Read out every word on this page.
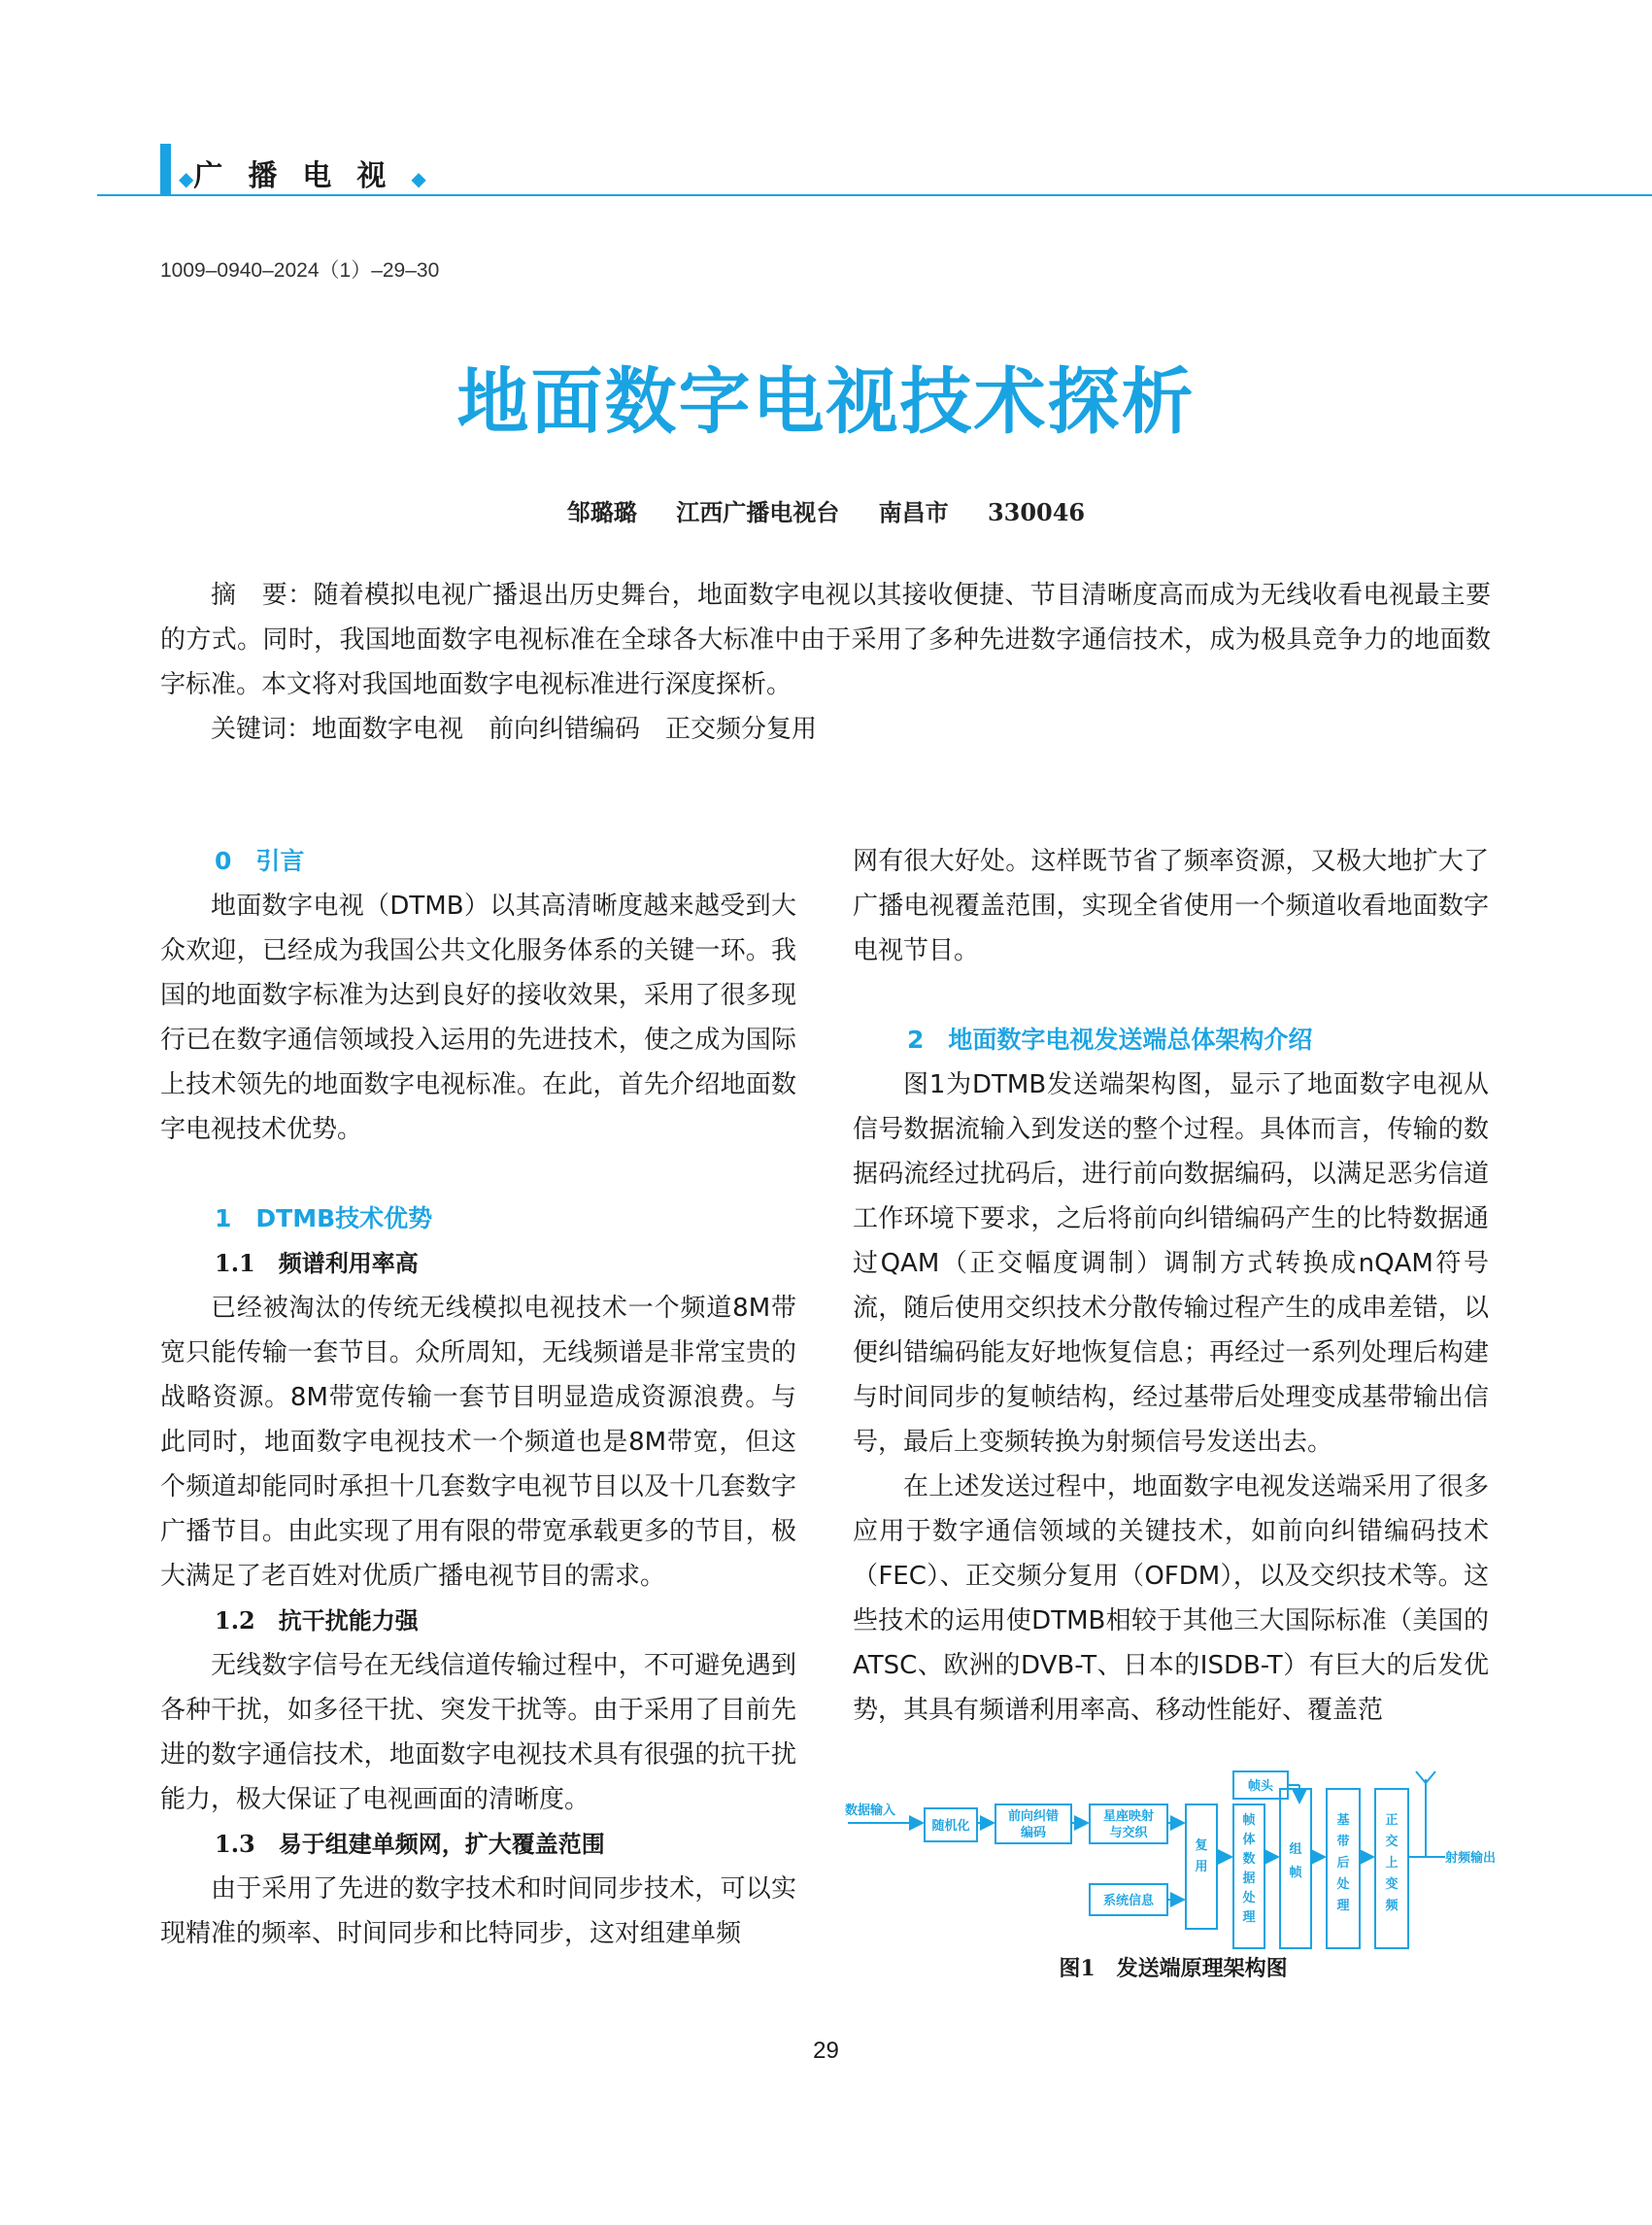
◆广播电视◆
1009–0940–2024（1）–29–30
地面数字电视技术探析
邹璐璐 江西广播电视台 南昌市 330046

摘　要：随着模拟电视广播退出历史舞台，地面数字电视以其接收便捷、节目清晰度高而成为无线收看电视最主要的方式。同时，我国地面数字电视标准在全球各大标准中由于采用了多种先进数字通信技术，成为极具竞争力的地面数字标准。本文将对我国地面数字电视标准进行深度探析。

关键词：地面数字电视　前向纠错编码　正交频分复用

0　引言

地面数字电视（DTMB）以其高清晰度越来越受到大众欢迎，已经成为我国公共文化服务体系的关键一环。我国的地面数字标准为达到良好的接收效果，采用了很多现行已在数字通信领域投入运用的先进技术，使之成为国际上技术领先的地面数字电视标准。在此，首先介绍地面数字电视技术优势。

1　DTMB技术优势
1.1　频谱利用率高

已经被淘汰的传统无线模拟电视技术一个频道8M带宽只能传输一套节目。众所周知，无线频谱是非常宝贵的战略资源。8M带宽传输一套节目明显造成资源浪费。与此同时，地面数字电视技术一个频道也是8M带宽，但这个频道却能同时承担十几套数字电视节目以及十几套数字广播节目。由此实现了用有限的带宽承载更多的节目，极大满足了老百姓对优质广播电视节目的需求。

1.2　抗干扰能力强

无线数字信号在无线信道传输过程中，不可避免遇到各种干扰，如多径干扰、突发干扰等。由于采用了目前先进的数字通信技术，地面数字电视技术具有很强的抗干扰能力，极大保证了电视画面的清晰度。

1.3　易于组建单频网，扩大覆盖范围

由于采用了先进的数字技术和时间同步技术，可以实现精准的频率、时间同步和比特同步，这对组建单频

网有很大好处。这样既节省了频率资源，又极大地扩大了广播电视覆盖范围，实现全省使用一个频道收看地面数字电视节目。

2　地面数字电视发送端总体架构介绍

图1为DTMB发送端架构图，显示了地面数字电视从信号数据流输入到发送的整个过程。具体而言，传输的数据码流经过扰码后，进行前向数据编码，以满足恶劣信道工作环境下要求，之后将前向纠错编码产生的比特数据通过QAM（正交幅度调制）调制方式转换成nQAM符号流，随后使用交织技术分散传输过程产生的成串差错，以便纠错编码能友好地恢复信息；再经过一系列处理后构建与时间同步的复帧结构，经过基带后处理变成基带输出信号，最后上变频转换为射频信号发送出去。

在上述发送过程中，地面数字电视发送端采用了很多应用于数字通信领域的关键技术，如前向纠错编码技术（FEC）、正交频分复用（OFDM），以及交织技术等。这些技术的运用使DTMB相较于其他三大国际标准（美国的ATSC、欧洲的DVB-T、日本的ISDB-T）有巨大的后发优势，其具有频谱利用率高、移动性能好、覆盖范

数据输入
射频输出
随机化
前向纠错
编码
星座映射
与交织
系统信息
帧头
复
用
帧
体
数
据
处
理
组
帧
基
带
后
处
理
正
交
上
变
频
图1　发送端原理架构图
29
